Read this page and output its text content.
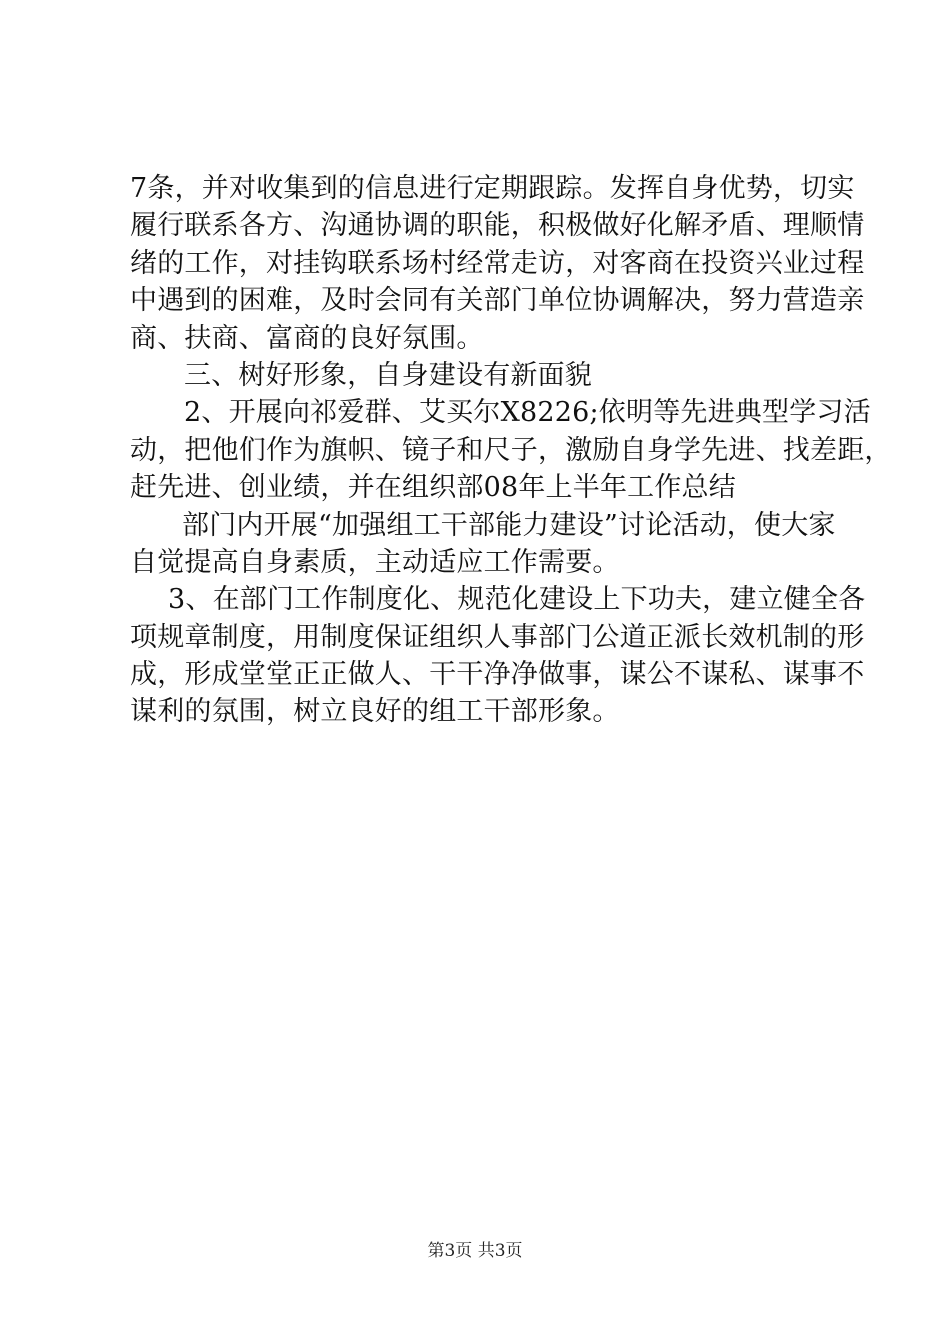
7条，并对收集到的信息进行定期跟踪。发挥自身优势，切实
履行联系各方、沟通协调的职能，积极做好化解矛盾、理顺情
绪的工作，对挂钩联系场村经常走访，对客商在投资兴业过程
中遇到的困难，及时会同有关部门单位协调解决，努力营造亲
商、扶商、富商的良好氛围。
三、树好形象，自身建设有新面貌
2、开展向祁爱群、艾买尔X8226;依明等先进典型学习活
动，把他们作为旗帜、镜子和尺子，激励自身学先进、找差距，
赶先进、创业绩，并在组织部08年上半年工作总结
部门内开展“加强组工干部能力建设”讨论活动，使大家
自觉提高自身素质，主动适应工作需要。
3、在部门工作制度化、规范化建设上下功夫，建立健全各
项规章制度，用制度保证组织人事部门公道正派长效机制的形
成，形成堂堂正正做人、干干净净做事，谋公不谋私、谋事不
谋利的氛围，树立良好的组工干部形象。
第3页 共3页
